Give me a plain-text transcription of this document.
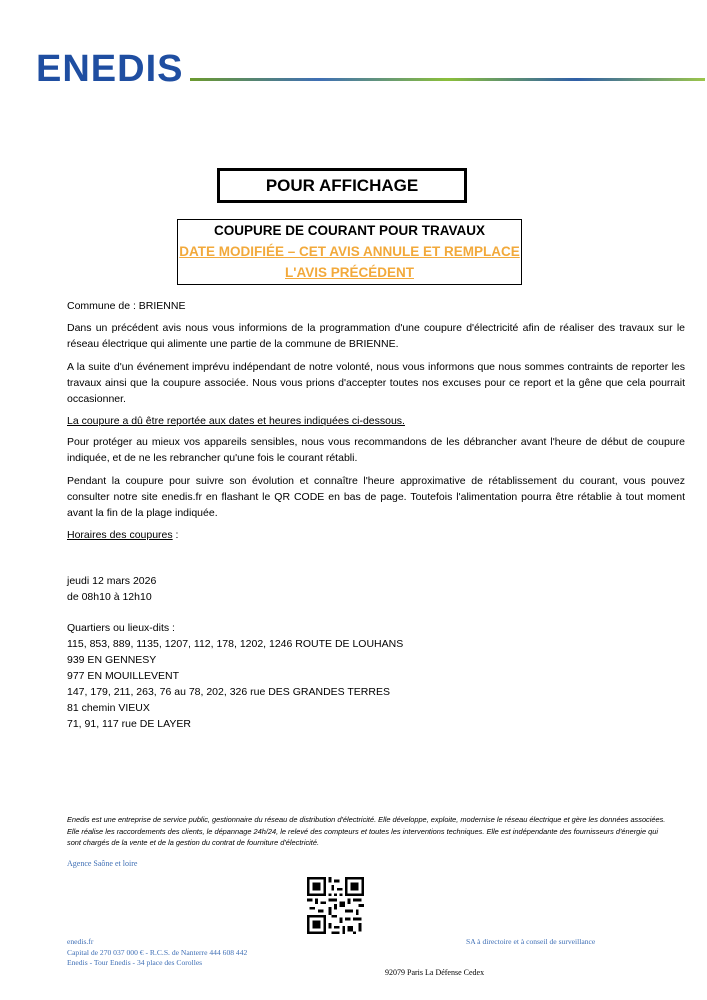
ENEDIS
POUR AFFICHAGE
COUPURE DE COURANT POUR TRAVAUX
DATE MODIFIÉE – CET AVIS ANNULE ET REMPLACE
L'AVIS PRÉCÉDENT
Commune de : BRIENNE
Dans un précédent avis nous vous informions de la programmation d'une coupure d'électricité afin de réaliser des travaux sur le réseau électrique qui alimente une partie de la commune de BRIENNE.
A la suite d'un événement imprévu indépendant de notre volonté, nous vous informons que nous sommes contraints de reporter les travaux ainsi que la coupure associée. Nous vous prions d'accepter toutes nos excuses pour ce report et la gêne que cela pourrait occasionner.
La coupure a dû être reportée aux dates et heures indiquées ci-dessous.
Pour protéger au mieux vos appareils sensibles, nous vous recommandons de les débrancher avant l'heure de début de coupure indiquée, et de ne les rebrancher qu'une fois le courant rétabli.
Pendant la coupure pour suivre son évolution et connaître l'heure approximative de rétablissement du courant, vous pouvez consulter notre site enedis.fr en flashant le QR CODE en bas de page. Toutefois l'alimentation pourra être rétablie à tout moment avant la fin de la plage indiquée.
Horaires des coupures :
jeudi 12 mars 2026
de 08h10 à 12h10
Quartiers ou lieux-dits :
115, 853, 889, 1135, 1207, 112, 178, 1202, 1246 ROUTE DE LOUHANS
939 EN GENNESY
977 EN MOUILLEVENT
147, 179, 211, 263, 76 au 78, 202, 326 rue DES GRANDES TERRES
81 chemin VIEUX
71, 91, 117 rue DE LAYER
Enedis est une entreprise de service public, gestionnaire du réseau de distribution d'électricité. Elle développe, exploite, modernise le réseau électrique et gère les données associées. Elle réalise les raccordements des clients, le dépannage 24h/24, le relevé des compteurs et toutes les interventions techniques. Elle est indépendante des fournisseurs d'énergie qui sont chargés de la vente et de la gestion du contrat de fourniture d'électricité.
Agence Saône et loire
enedis.fr
Capital de 270 037 000 € - R.C.S. de Nanterre 444 608 442
Enedis - Tour Enedis - 34 place des Corolles
SA à directoire et à conseil de surveillance
92079 Paris La Défense Cedex
